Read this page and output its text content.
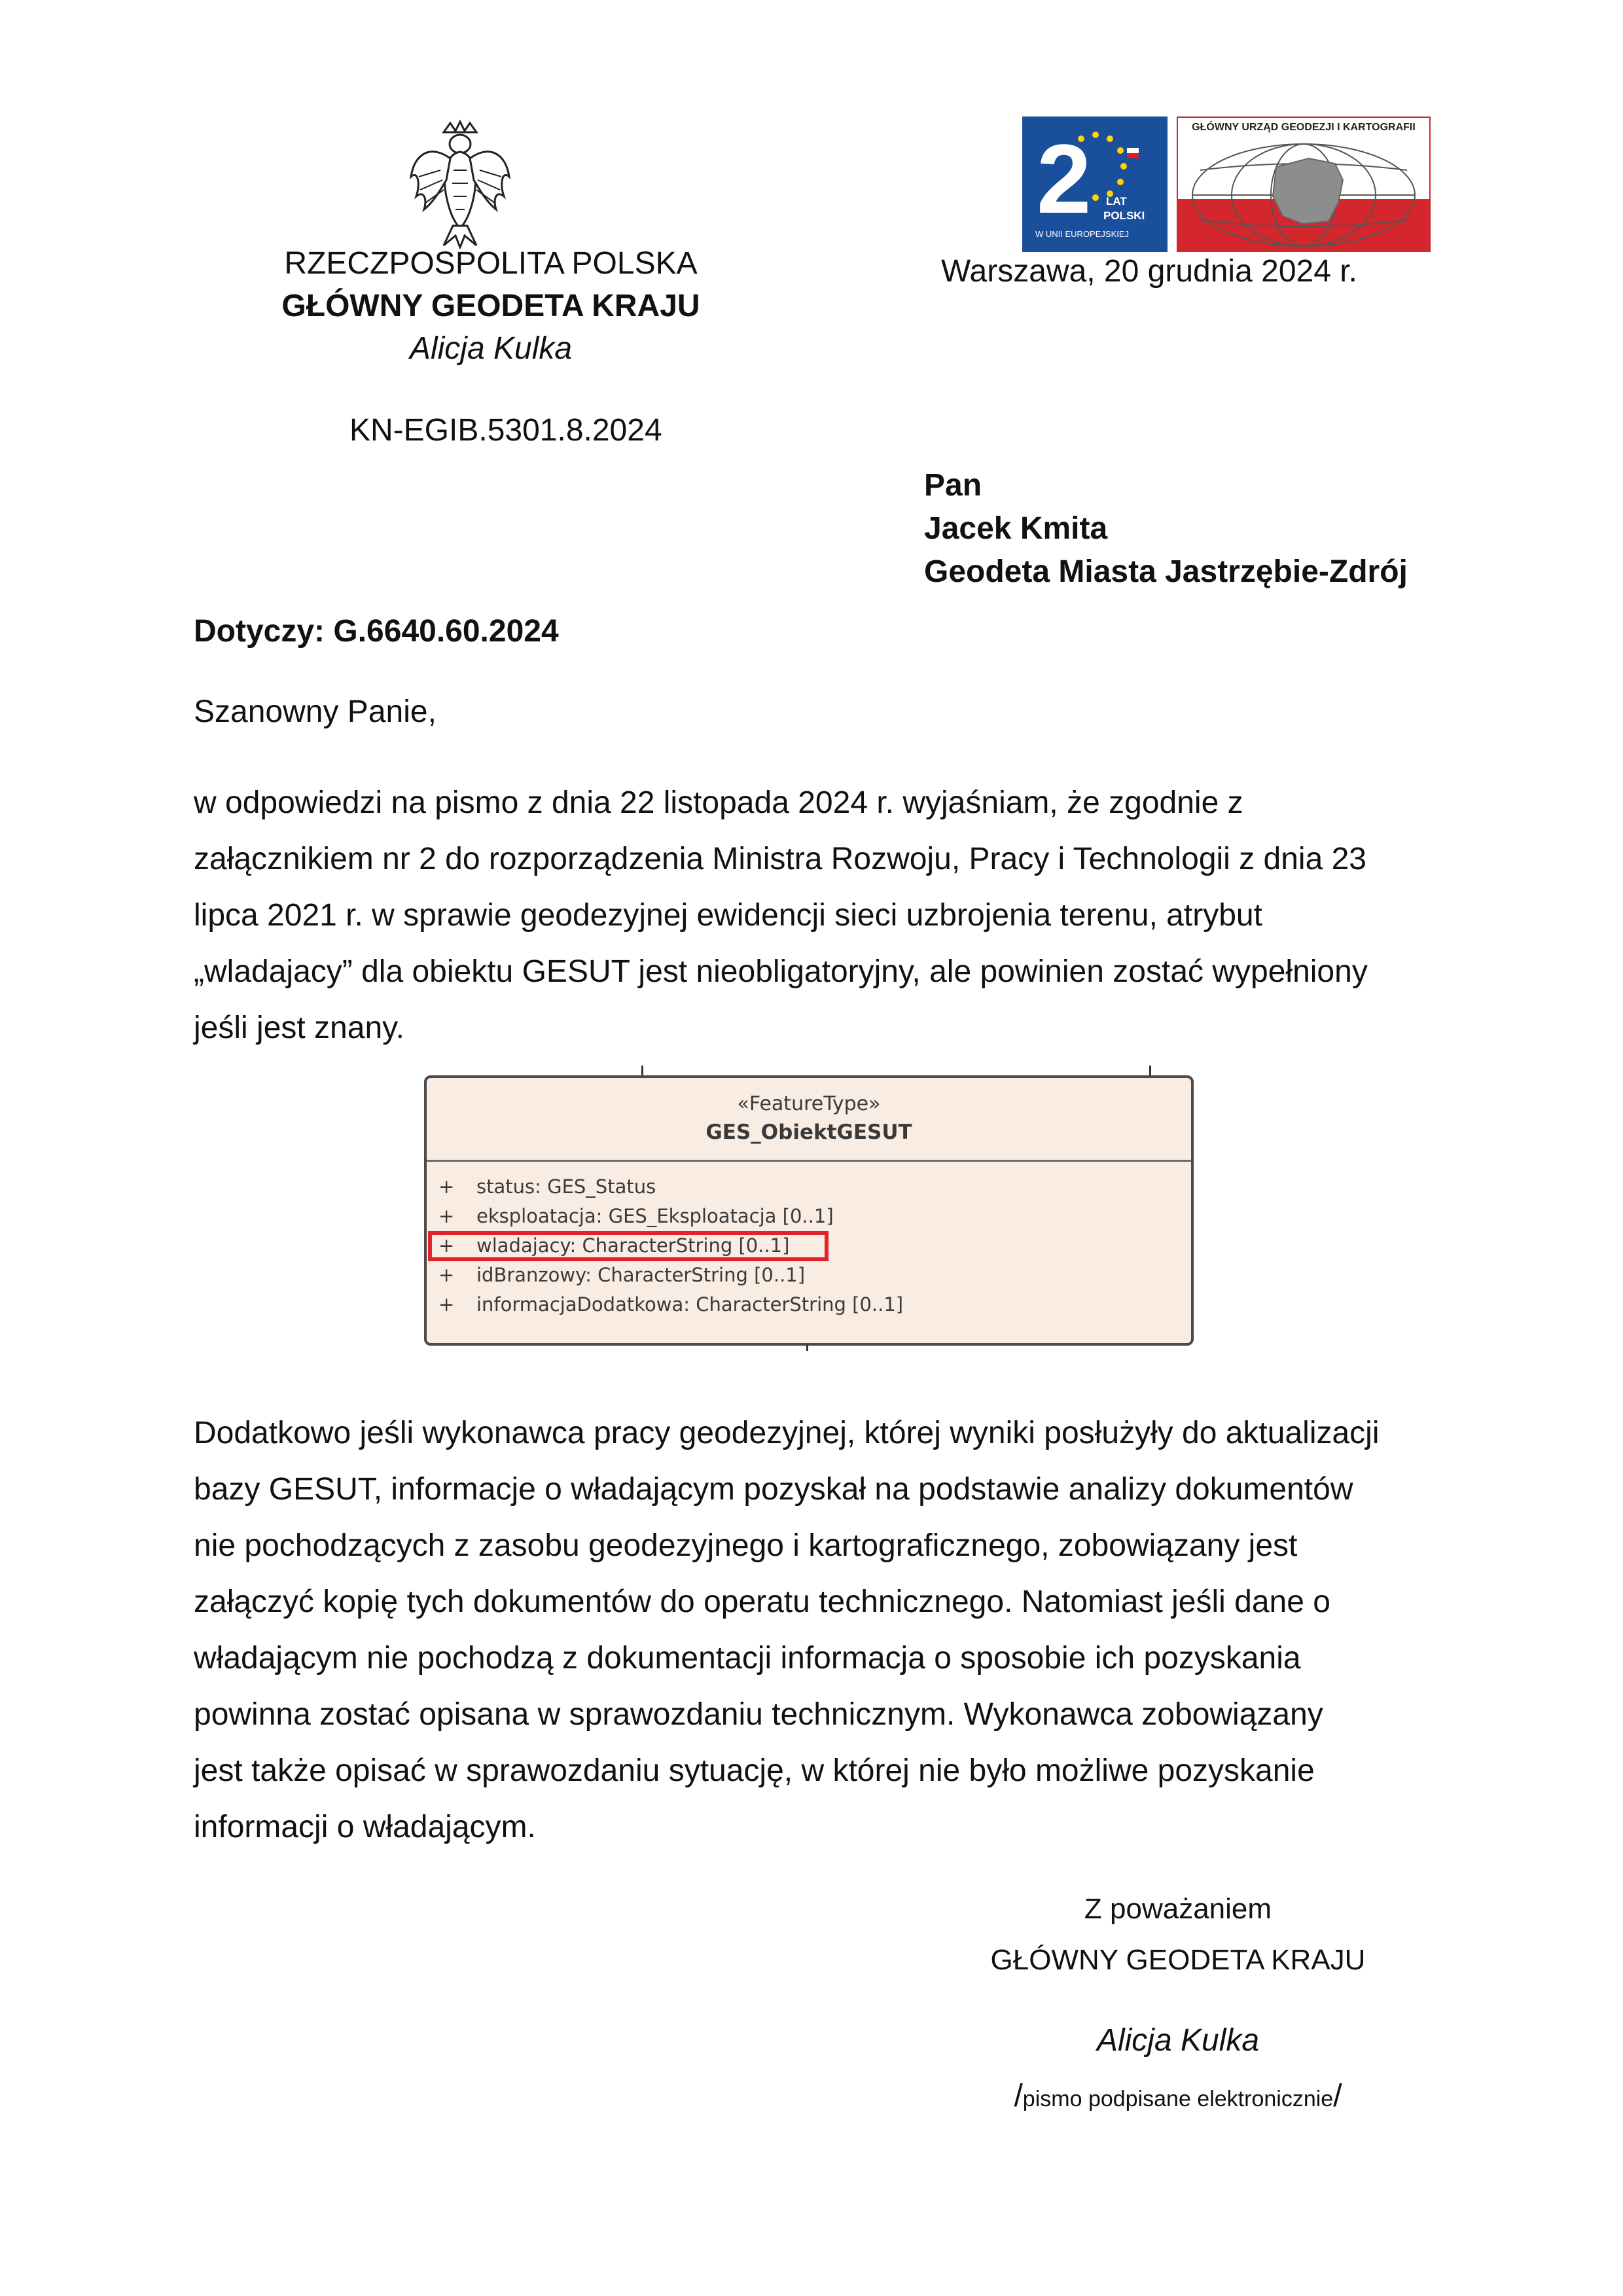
RZECZPOSPOLITA POLSKA
GŁÓWNY GEODETA KRAJU
Alicja Kulka
KN-EGIB.5301.8.2024
2 LAT
POLSKI
W UNII EUROPEJSKIEJ
GŁÓWNY URZĄD GEODEZJI I KARTOGRAFII
Warszawa, 20 grudnia 2024 r.
Pan
Jacek Kmita
Geodeta Miasta Jastrzębie-Zdrój
Dotyczy: G.6640.60.2024
Szanowny Panie,
w odpowiedzi na pismo z dnia 22 listopada 2024 r. wyjaśniam, że zgodnie z
załącznikiem nr 2 do rozporządzenia Ministra Rozwoju, Pracy i Technologii z dnia 23
lipca 2021 r. w sprawie geodezyjnej ewidencji sieci uzbrojenia terenu, atrybut
„wladajacy” dla obiektu GESUT jest nieobligatoryjny, ale powinien zostać wypełniony
jeśli jest znany.
«FeatureType»
GES_ObiektGESUT
+ status: GES_Status
+ eksploatacja: GES_Eksploatacja [0..1]
+ wladajacy: CharacterString [0..1]
+ idBranzowy: CharacterString [0..1]
+ informacjaDodatkowa: CharacterString [0..1]
Dodatkowo jeśli wykonawca pracy geodezyjnej, której wyniki posłużyły do aktualizacji
bazy GESUT, informacje o władającym pozyskał na podstawie analizy dokumentów
nie pochodzących z zasobu geodezyjnego i kartograficznego, zobowiązany jest
załączyć kopię tych dokumentów do operatu technicznego. Natomiast jeśli dane o
władającym nie pochodzą z dokumentacji informacja o sposobie ich pozyskania
powinna zostać opisana w sprawozdaniu technicznym. Wykonawca zobowiązany
jest także opisać w sprawozdaniu sytuację, w której nie było możliwe pozyskanie
informacji o władającym.
Z poważaniem
GŁÓWNY GEODETA KRAJU
Alicja Kulka
/pismo podpisane elektronicznie/
